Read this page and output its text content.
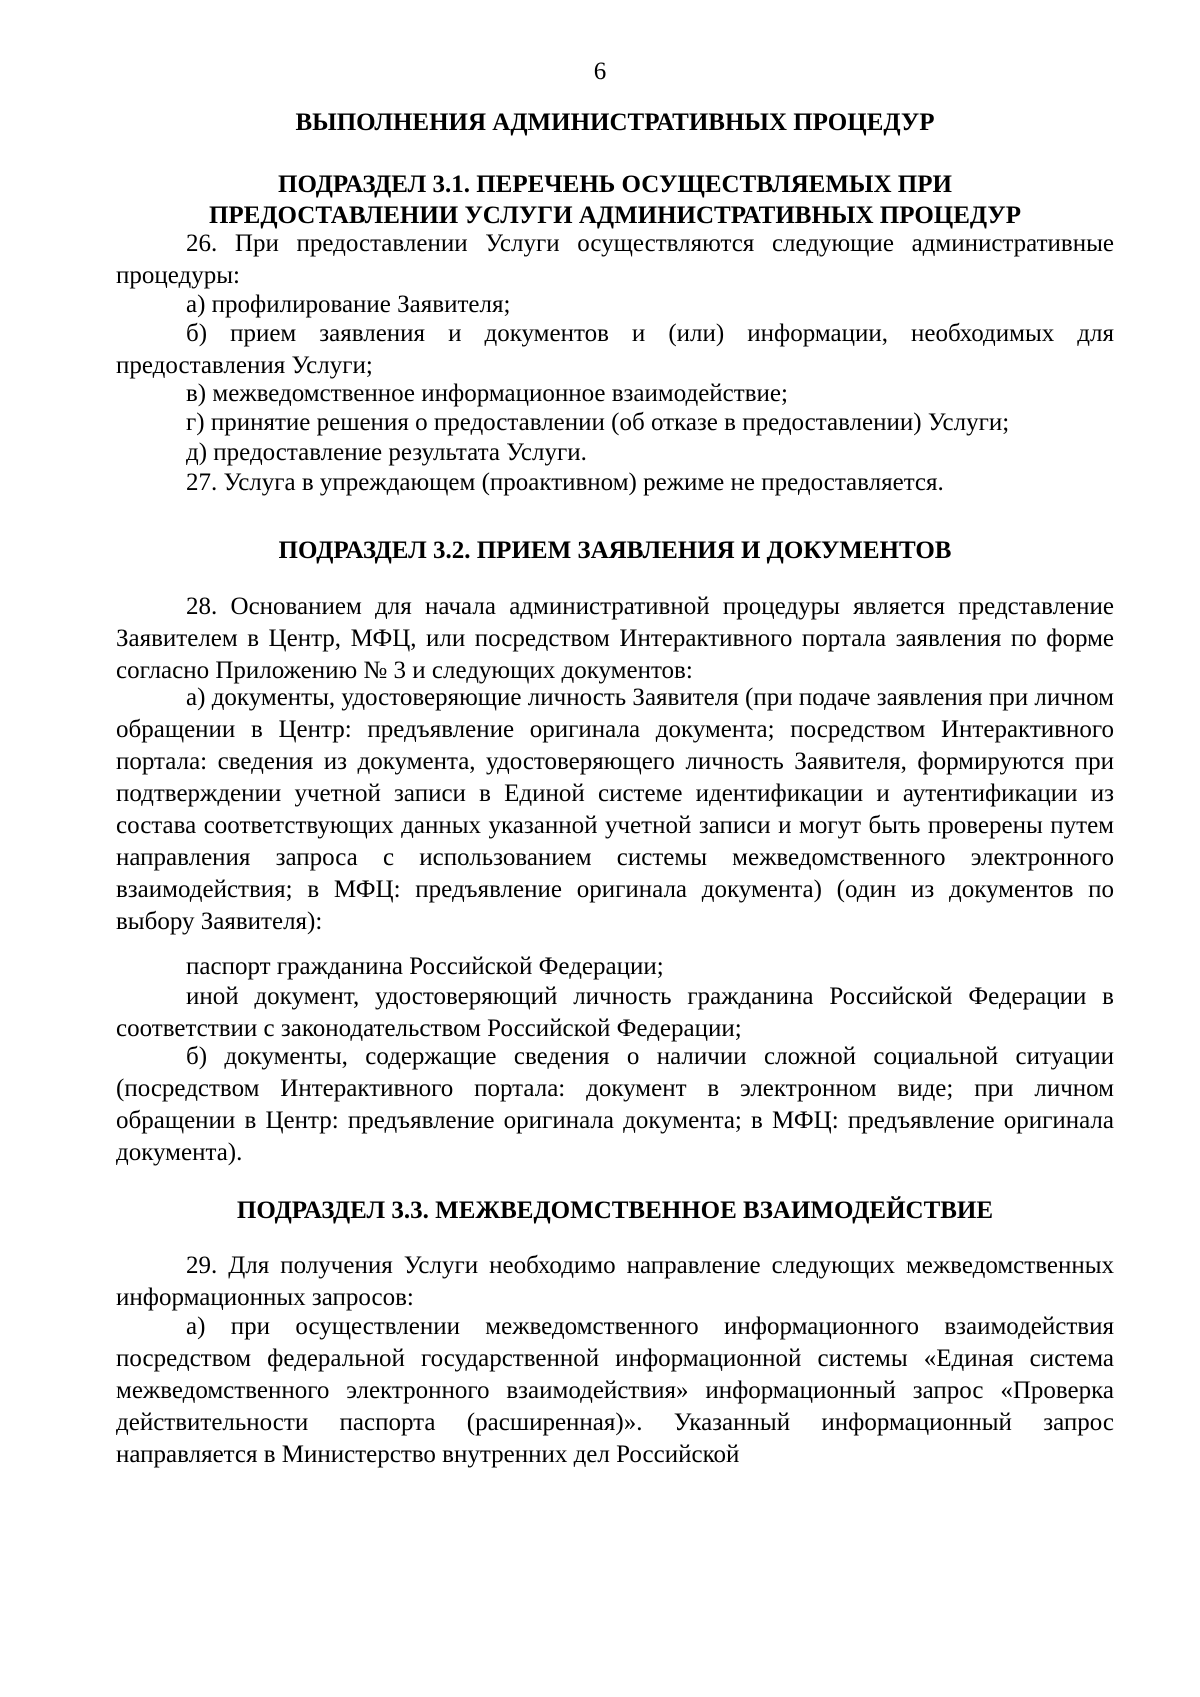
6
ВЫПОЛНЕНИЯ АДМИНИСТРАТИВНЫХ ПРОЦЕДУР
ПОДРАЗДЕЛ 3.1. ПЕРЕЧЕНЬ ОСУЩЕСТВЛЯЕМЫХ ПРИ
ПРЕДОСТАВЛЕНИИ УСЛУГИ АДМИНИСТРАТИВНЫХ ПРОЦЕДУР

26. При предоставлении Услуги осуществляются следующие административные процедуры:

а) профилирование Заявителя;

б) прием заявления и документов и (или) информации, необходимых для предоставления Услуги;

в) межведомственное информационное взаимодействие;

г) принятие решения о предоставлении (об отказе в предоставлении) Услуги;

д) предоставление результата Услуги.

27. Услуга в упреждающем (проактивном) режиме не предоставляется.

ПОДРАЗДЕЛ 3.2. ПРИЕМ ЗАЯВЛЕНИЯ И ДОКУМЕНТОВ

28. Основанием для начала административной процедуры является представление Заявителем в Центр, МФЦ, или посредством Интерактивного портала заявления по форме согласно Приложению № 3 и следующих документов:

а) документы, удостоверяющие личность Заявителя (при подаче заявления при личном обращении в Центр: предъявление оригинала документа; посредством Интерактивного портала: сведения из документа, удостоверяющего личность Заявителя, формируются при подтверждении учетной записи в Единой системе идентификации и аутентификации из состава соответствующих данных указанной учетной записи и могут быть проверены путем направления запроса с использованием системы межведомственного электронного взаимодействия; в МФЦ: предъявление оригинала документа) (один из документов по выбору Заявителя):

паспорт гражданина Российской Федерации;

иной документ, удостоверяющий личность гражданина Российской Федерации в соответствии с законодательством Российской Федерации;

б) документы, содержащие сведения о наличии сложной социальной ситуации (посредством Интерактивного портала: документ в электронном виде; при личном обращении в Центр: предъявление оригинала документа; в МФЦ: предъявление оригинала документа).

ПОДРАЗДЕЛ 3.3. МЕЖВЕДОМСТВЕННОЕ ВЗАИМОДЕЙСТВИЕ

29. Для получения Услуги необходимо направление следующих межведомственных информационных запросов:

а) при осуществлении межведомственного информационного взаимодействия посредством федеральной государственной информационной системы «Единая система межведомственного электронного взаимодействия» информационный запрос «Проверка действительности паспорта (расширенная)». Указанный информационный запрос направляется в Министерство внутренних дел Российской
